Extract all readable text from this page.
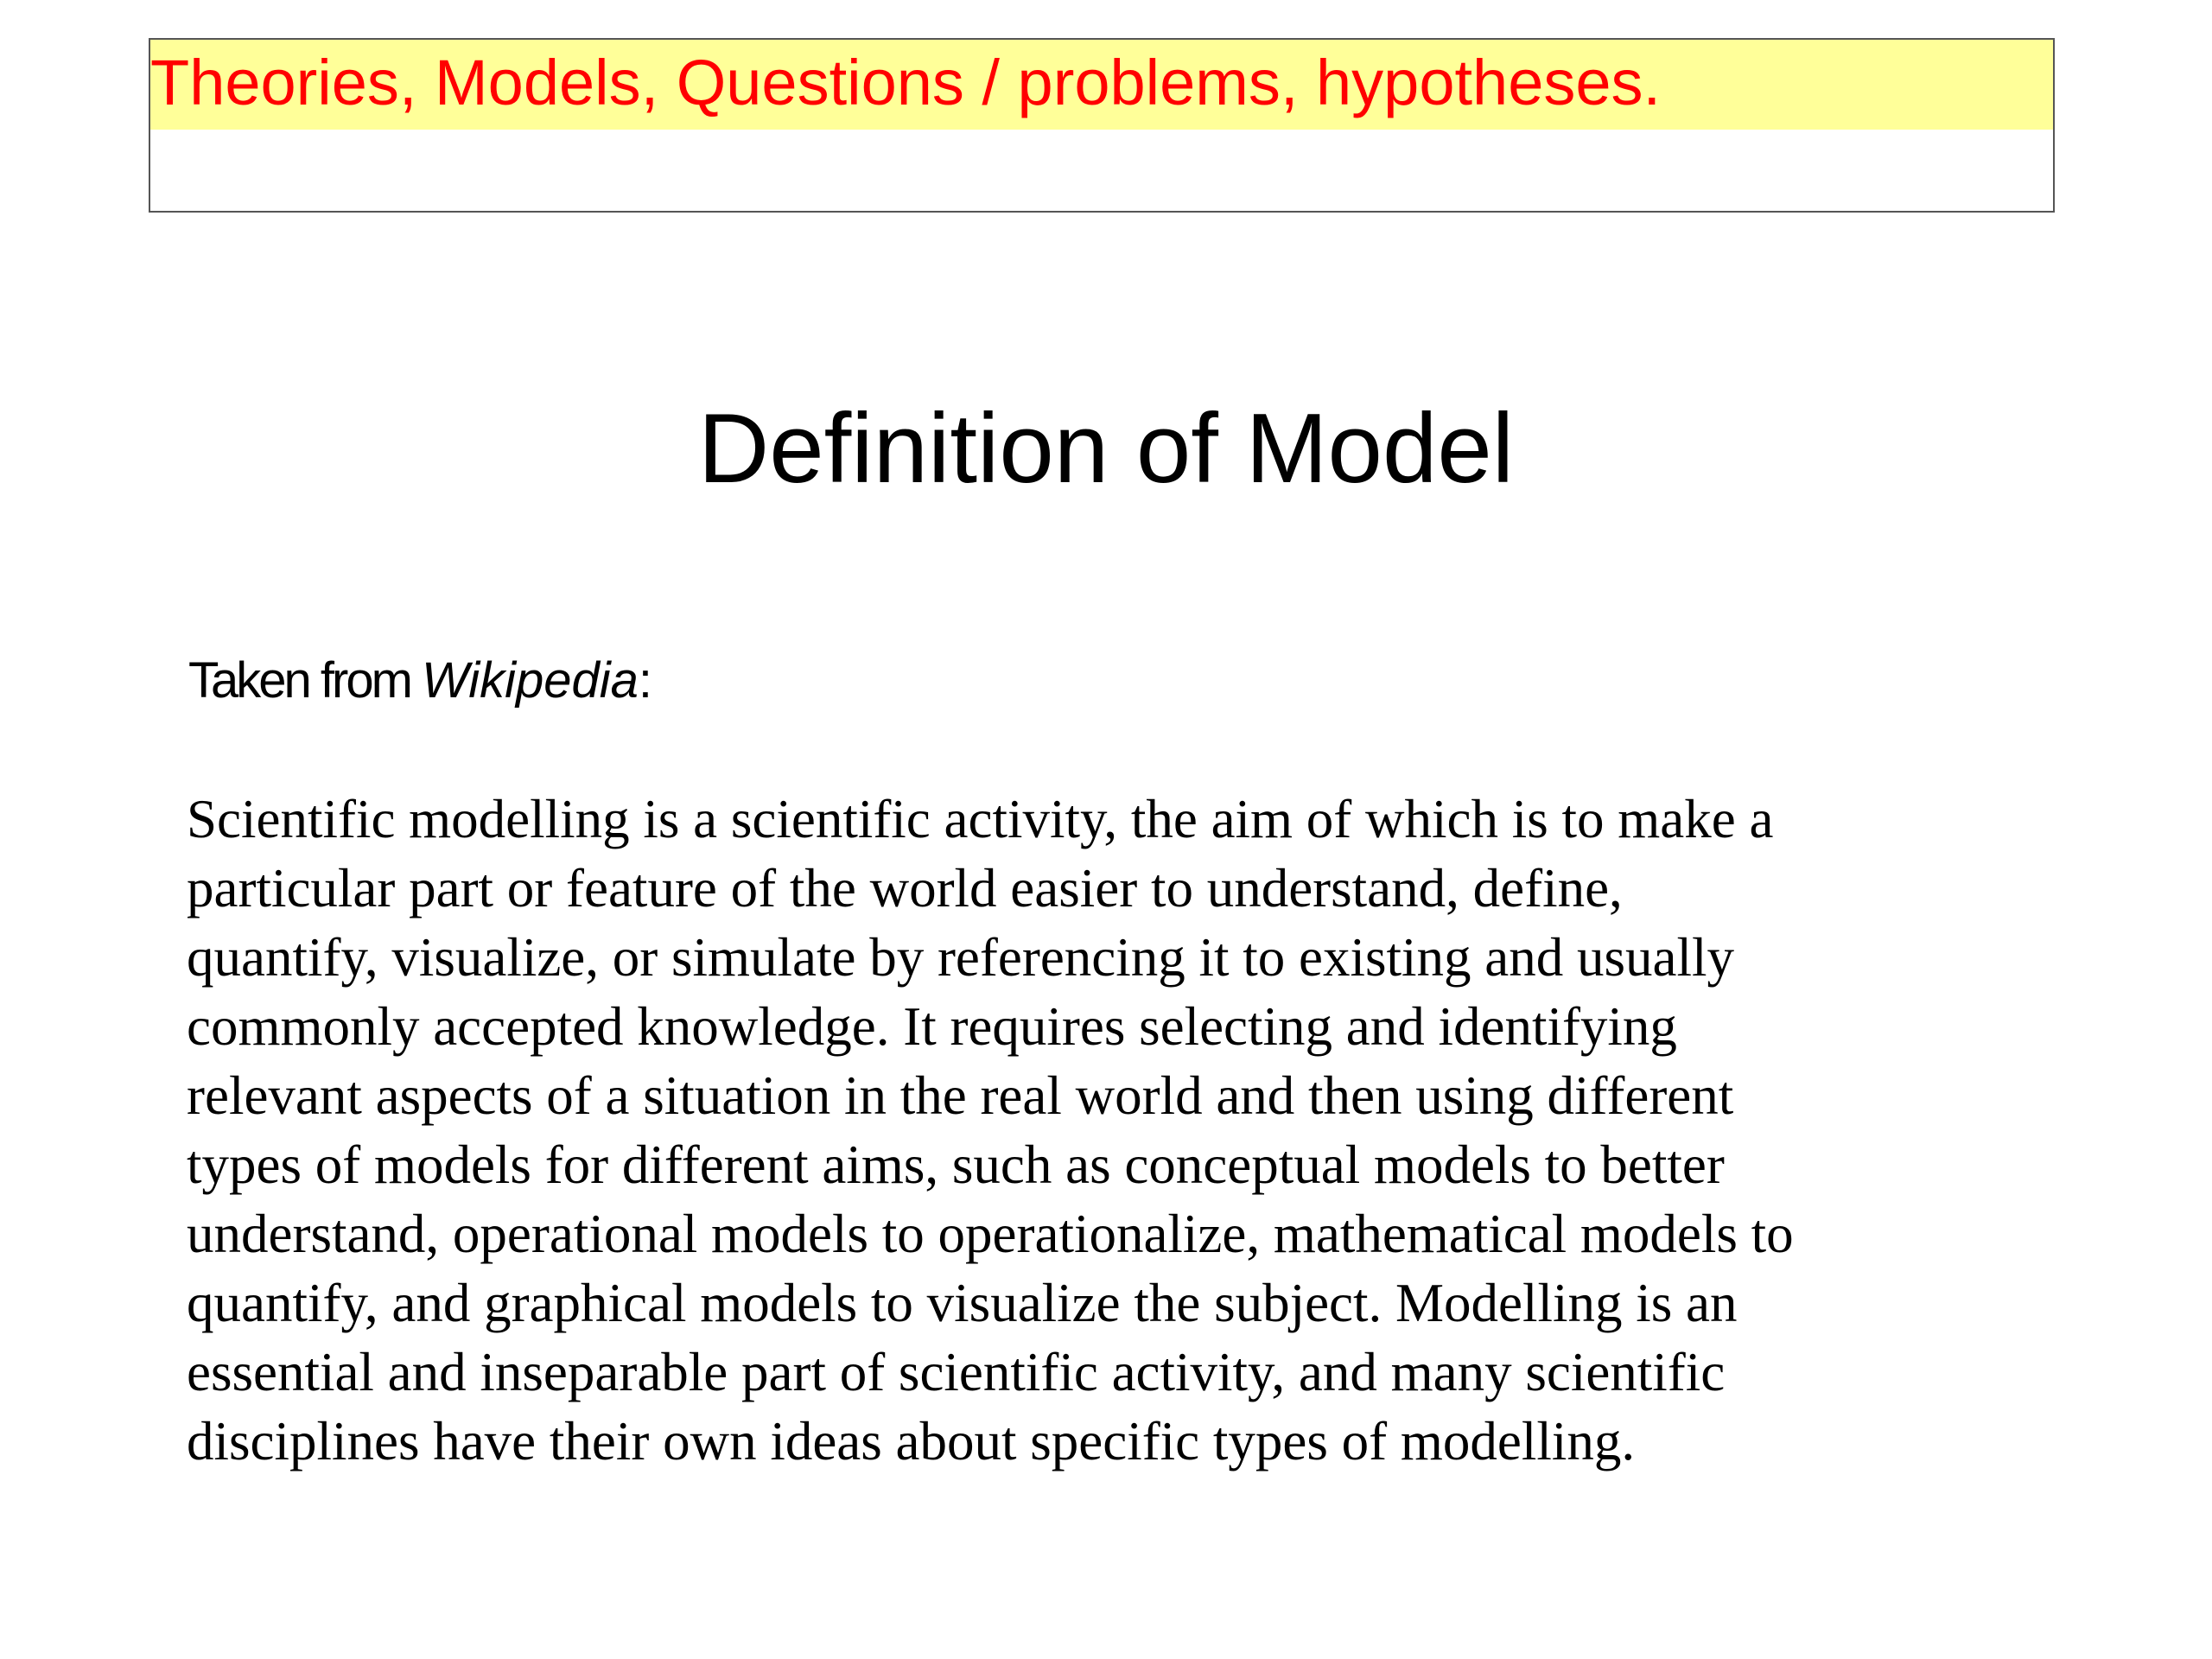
Theories, Models, Questions / problems, hypotheses.
Definition of Model

Taken from Wikipedia:

Scientific modelling is a scientific activity, the aim of which is to make a
particular part or feature of the world easier to understand, define,
quantify, visualize, or simulate by referencing it to existing and usually
commonly accepted knowledge. It requires selecting and identifying
relevant aspects of a situation in the real world and then using different
types of models for different aims, such as conceptual models to better
understand, operational models to operationalize, mathematical models to
quantify, and graphical models to visualize the subject. Modelling is an
essential and inseparable part of scientific activity, and many scientific
disciplines have their own ideas about specific types of modelling.
